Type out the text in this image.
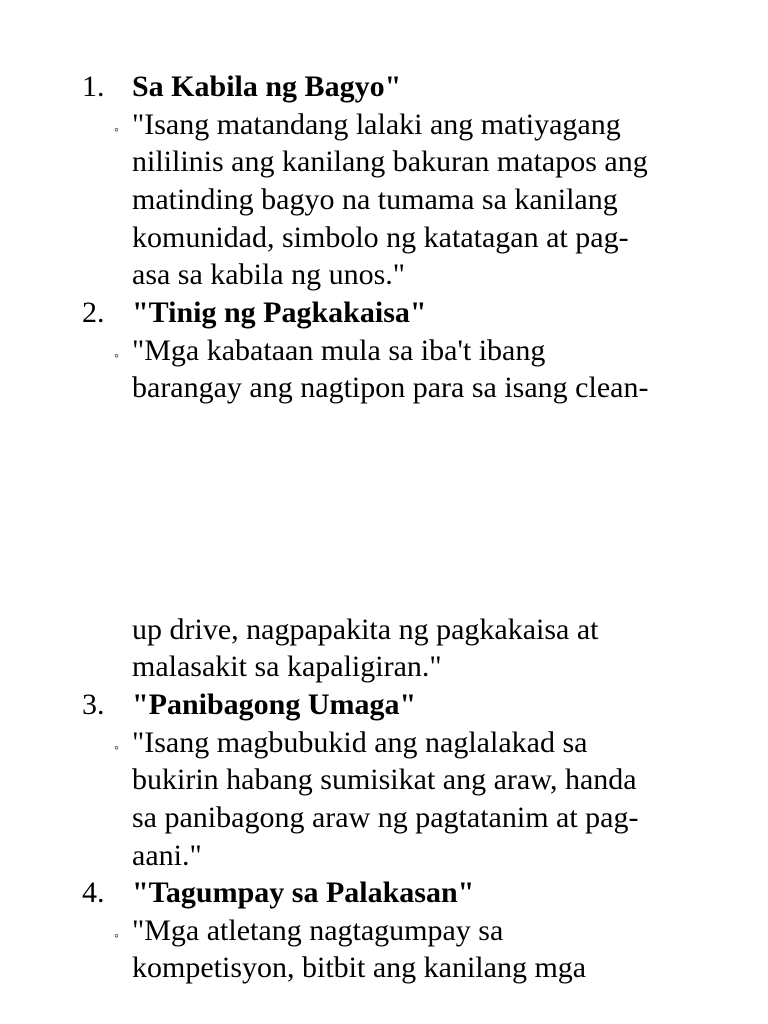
1. Sa Kabila ng Bagyo"
◦ "Isang matandang lalaki ang matiyagang
nililinis ang kanilang bakuran matapos ang
matinding bagyo na tumama sa kanilang
komunidad, simbolo ng katatagan at pag-
asa sa kabila ng unos."
2. "Tinig ng Pagkakaisa"
◦ "Mga kabataan mula sa iba't ibang
barangay ang nagtipon para sa isang clean-
up drive, nagpapakita ng pagkakaisa at
malasakit sa kapaligiran."
3. "Panibagong Umaga"
◦ "Isang magbubukid ang naglalakad sa
bukirin habang sumisikat ang araw, handa
sa panibagong araw ng pagtatanim at pag-
aani."
4. "Tagumpay sa Palakasan"
◦ "Mga atletang nagtagumpay sa
kompetisyon, bitbit ang kanilang mga
